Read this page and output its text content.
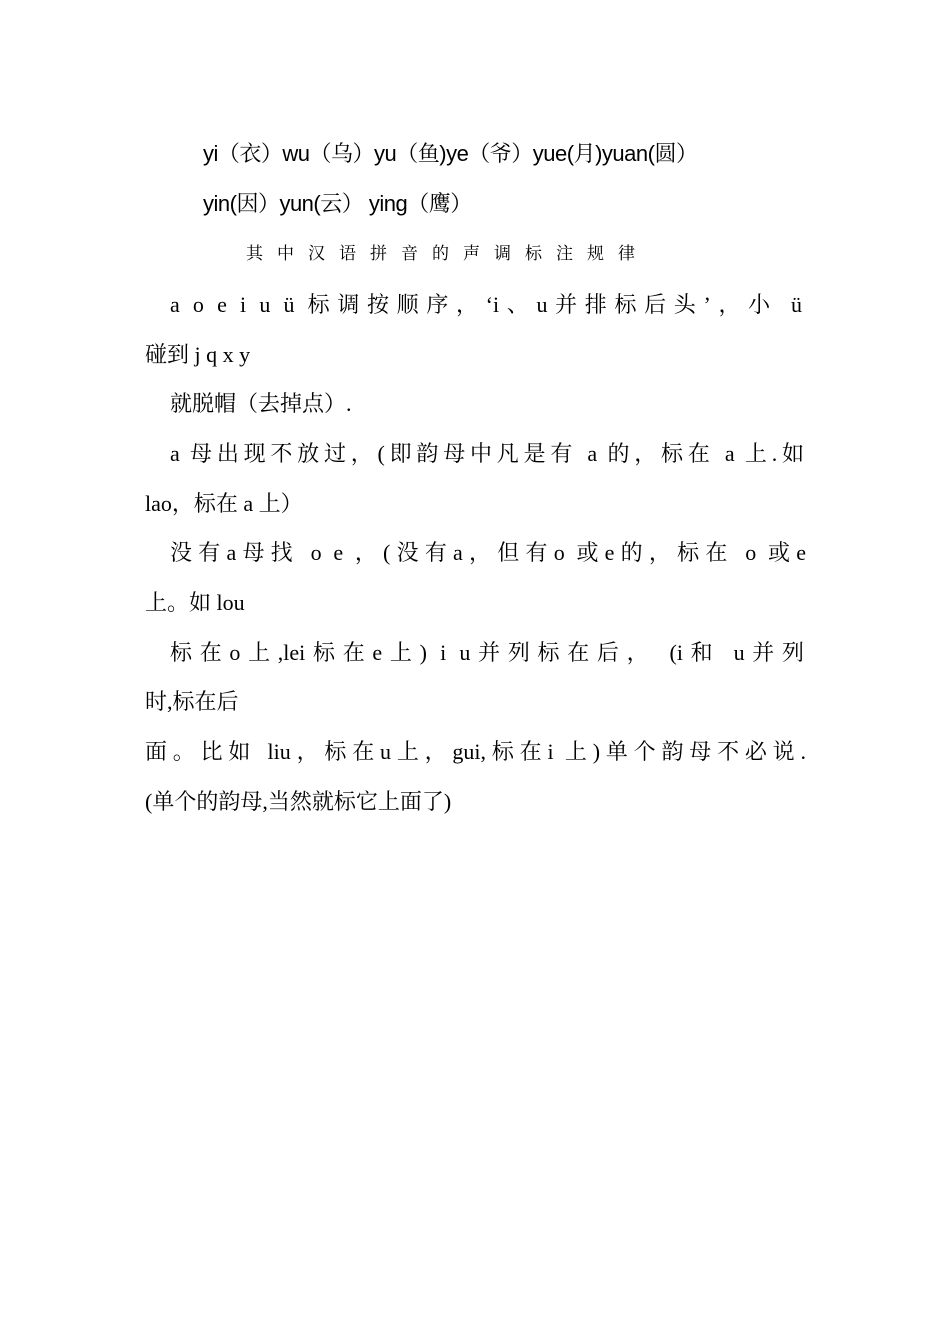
yi（衣）wu（乌）yu（鱼)ye（爷）yue(月)yuan(圆）
yin(因）yun(云） ying（鹰）
其中汉语拼音的声调标注规律
a o e i u ü 标调按顺序，‘i、u并排标后头’，小 ü
碰到 j q x y
就脱帽（去掉点）.
a 母出现不放过，(即韵母中凡是有 a 的，标在 a 上.如
lao，标在 a 上）
没有a母找 o e ，(没有a，但有o 或e的，标在 o 或e
上。如 lou
标在o上,lei标在e上) i u并列标在后， (i和 u并列
时,标在后
面。比如 liu，标在u上，gui,标在i 上)单个韵母不必说.
(单个的韵母,当然就标它上面了)
